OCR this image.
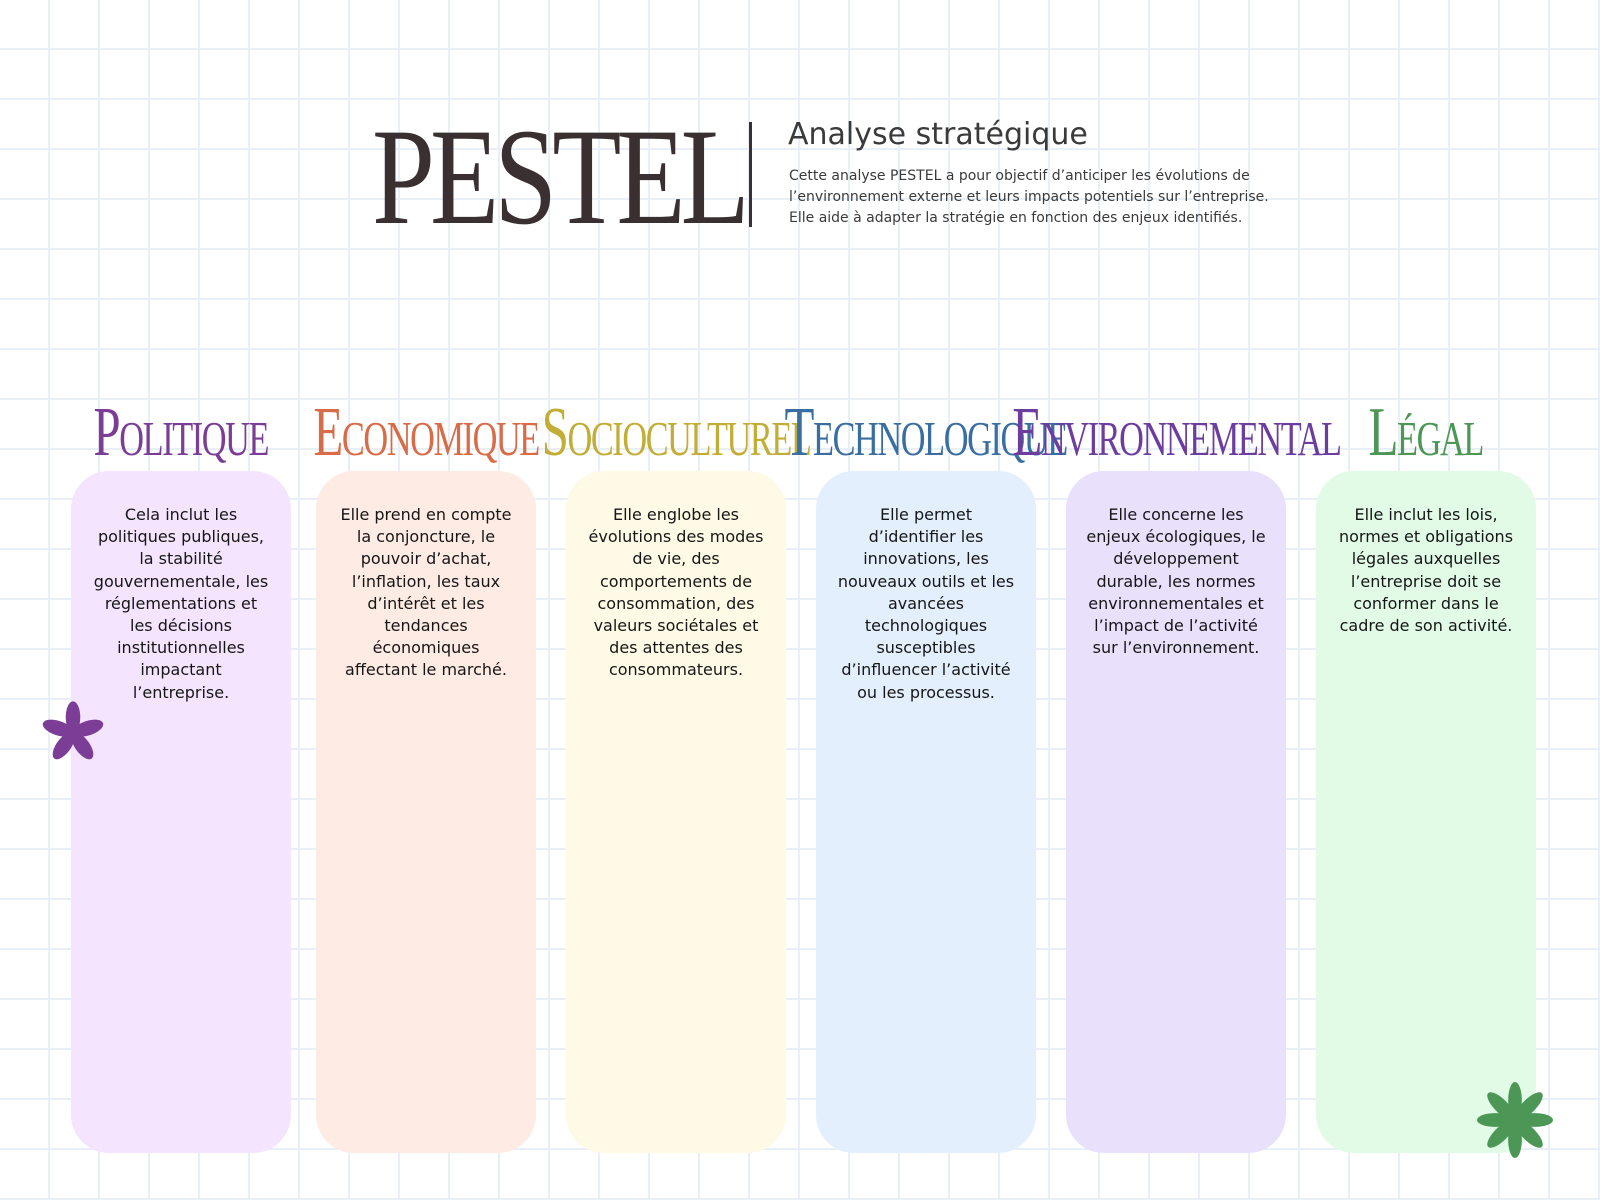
PESTEL Analyse stratégique

Cette analyse PESTEL a pour objectif d’anticiper les évolutions de
l’environnement externe et leurs impacts potentiels sur l’entreprise.
Elle aide à adapter la stratégie en fonction des enjeux identifiés.

Politique

Cela inclut les
politiques publiques,
la stabilité
gouvernementale, les
réglementations et
les décisions
institutionnelles
impactant
l’entreprise.

Economique

Elle prend en compte
la conjoncture, le
pouvoir d’achat,
l’inflation, les taux
d’intérêt et les
tendances
économiques
affectant le marché.

Socioculturel

Elle englobe les
évolutions des modes
de vie, des
comportements de
consommation, des
valeurs sociétales et
des attentes des
consommateurs.

Technologique

Elle permet
d’identifier les
innovations, les
nouveaux outils et les
avancées
technologiques
susceptibles
d’influencer l’activité
ou les processus.

Environnemental

Elle concerne les
enjeux écologiques, le
développement
durable, les normes
environnementales et
l’impact de l’activité
sur l’environnement.

Légal

Elle inclut les lois,
normes et obligations
légales auxquelles
l’entreprise doit se
conformer dans le
cadre de son activité.
